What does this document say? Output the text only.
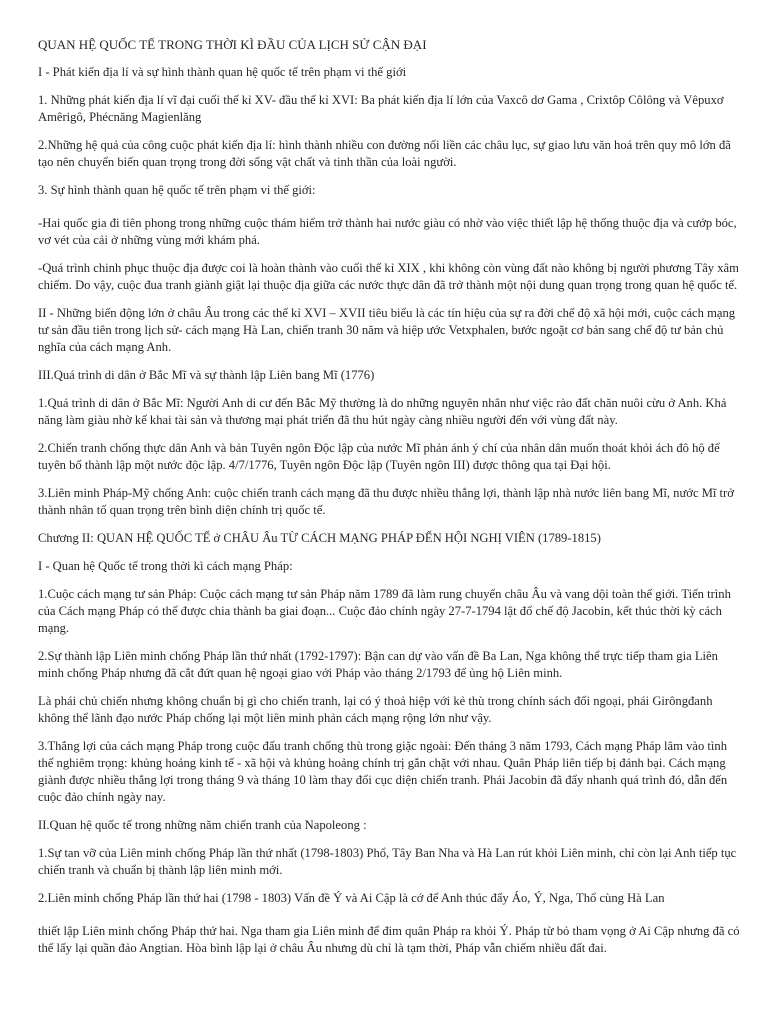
QUAN HỆ QUỐC TẾ TRONG THỜI KÌ ĐẦU CỦA LỊCH SỬ CẬN ĐẠI

I - Phát kiến địa lí và sự hình thành quan hệ quốc tế trên phạm vi thế giới

1. Những phát kiến địa lí vĩ đại cuối thế kỉ XV- đầu thế kỉ XVI: Ba phát kiến địa lí lớn của Vaxcô dơ Gama , Crixtôp Côlông và Vêpuxơ Amêrigô, Phécnăng Magienlăng

2.Những hệ quả của công cuộc phát kiến địa lí: hình thành nhiều con đường nối liền các châu lục, sự giao lưu văn hoá trên quy mô lớn đã tạo nên chuyển biến quan trọng trong đời sống vật chất và tinh thần của loài người.

3. Sự hình thành quan hệ quốc tế trên phạm vi thế giới:

-Hai quốc gia đi tiên phong trong những cuộc thám hiểm trở thành hai nước giàu có nhờ vào việc thiết lập hệ thống thuộc địa và cướp bóc, vơ vét của cải ở những vùng mới khám phá.

-Quá trình chinh phục thuộc địa được coi là hoàn thành vào cuối thế kỉ XIX , khi không còn vùng đất nào không bị người phương Tây xâm chiếm. Do vậy, cuộc đua tranh giành giật lại thuộc địa giữa các nước thực dân đã trở thành một nội dung quan trọng trong quan hệ quốc tế.

II - Những biến động lớn ở châu Âu trong các thế kỉ XVI – XVII tiêu biểu là các tín hiệu của sự ra đời chế độ xã hội mới, cuộc cách mạng tư sản đầu tiên trong lịch sử- cách mạng Hà Lan, chiến tranh 30 năm và hiệp ước Vetxphalen, bước ngoặt cơ bản sang chế độ tư bản chủ nghĩa của cách mạng Anh.

III.Quá trình di dân ở Bắc Mĩ và sự thành lập Liên bang Mĩ (1776)

1.Quá trình di dân ở Bắc Mĩ: Người Anh di cư đến Bắc Mỹ thường là do những nguyên nhân như việc rào đất chăn nuôi cừu ở Anh. Khả năng làm giàu nhờ kế khai tài sản và thương mại phát triển đã thu hút ngày càng nhiều người đến với vùng đất này.

2.Chiến tranh chống thực dân Anh và bản Tuyên ngôn Độc lập của nước Mĩ phản ánh ý chí của nhân dân muốn thoát khỏi ách đô hộ để tuyên bố thành lập một nước độc lập. 4/7/1776, Tuyên ngôn Độc lập (Tuyên ngôn III) được thông qua tại Đại hội.

3.Liên minh Pháp-Mỹ chống Anh: cuộc chiến tranh cách mạng đã thu được nhiều thắng lợi, thành lập nhà nước liên bang Mĩ, nước Mĩ trở thành nhân tố quan trọng trên bình diện chính trị quốc tế.

Chương II: QUAN HỆ QUỐC TẾ ở CHÂU Âu TỪ CÁCH MẠNG PHÁP ĐẾN HỘI NGHỊ VIÊN (1789-1815)

I - Quan hệ Quốc tế trong thời kì cách mạng Pháp:

1.Cuộc cách mạng tư sản Pháp: Cuộc cách mạng tư sản Pháp năm 1789 đã làm rung chuyển châu Âu và vang dội toàn thế giới. Tiến trình của Cách mạng Pháp có thể được chia thành ba giai đoạn... Cuộc đảo chính ngày 27-7-1794 lật đổ chế độ Jacobin, kết thúc thời kỳ cách mạng.

2.Sự thành lập Liên minh chống Pháp lần thứ nhất (1792-1797): Bận can dự vào vấn đề Ba Lan, Nga không thể trực tiếp tham gia Liên minh chống Pháp nhưng đã cắt đứt quan hệ ngoại giao với Pháp vào tháng 2/1793 để ủng hộ Liên minh.

Là phái chủ chiến nhưng không chuẩn bị gì cho chiến tranh, lại có ý thoả hiệp với kẻ thù trong chính sách đối ngoại, phái Girôngđanh không thể lãnh đạo nước Pháp chống lại một liên minh phản cách mạng rộng lớn như vậy.

3.Thắng lợi của cách mạng Pháp trong cuộc đấu tranh chống thù trong giặc ngoài: Đến tháng 3 năm 1793, Cách mạng Pháp lâm vào tình thế nghiêm trọng: khủng hoảng kinh tế - xã hội và khủng hoảng chính trị gắn chặt với nhau. Quân Pháp liên tiếp bị đánh bại. Cách mạng giành được nhiều thắng lợi trong tháng 9 và tháng 10 làm thay đổi cục diện chiến tranh. Phái Jacobin đã đẩy nhanh quá trình đó, dẫn đến cuộc đảo chính ngày nay.

II.Quan hệ quốc tế trong những năm chiến tranh của Napoleong :

1.Sự tan vỡ của Liên minh chống Pháp lần thứ nhất (1798-1803) Phổ, Tây Ban Nha và Hà Lan rút khỏi Liên minh, chỉ còn lại Anh tiếp tục chiến tranh và chuẩn bị thành lập liên minh mới.

2.Liên minh chống Pháp lần thứ hai (1798 - 1803) Vấn đề Ý và Ai Cập là cớ để Anh thúc đẩy Áo, Ý, Nga, Thổ cùng Hà Lan

thiết lập Liên minh chống Pháp thứ hai. Nga tham gia Liên minh để đim quân Pháp ra khỏi Ý. Pháp từ bỏ tham vọng ở Ai Cập nhưng đã có thể lấy lại quần đảo Angtian. Hòa bình lập lại ở châu Âu nhưng dù chỉ là tạm thời, Pháp vẫn chiếm nhiều đất đai.
